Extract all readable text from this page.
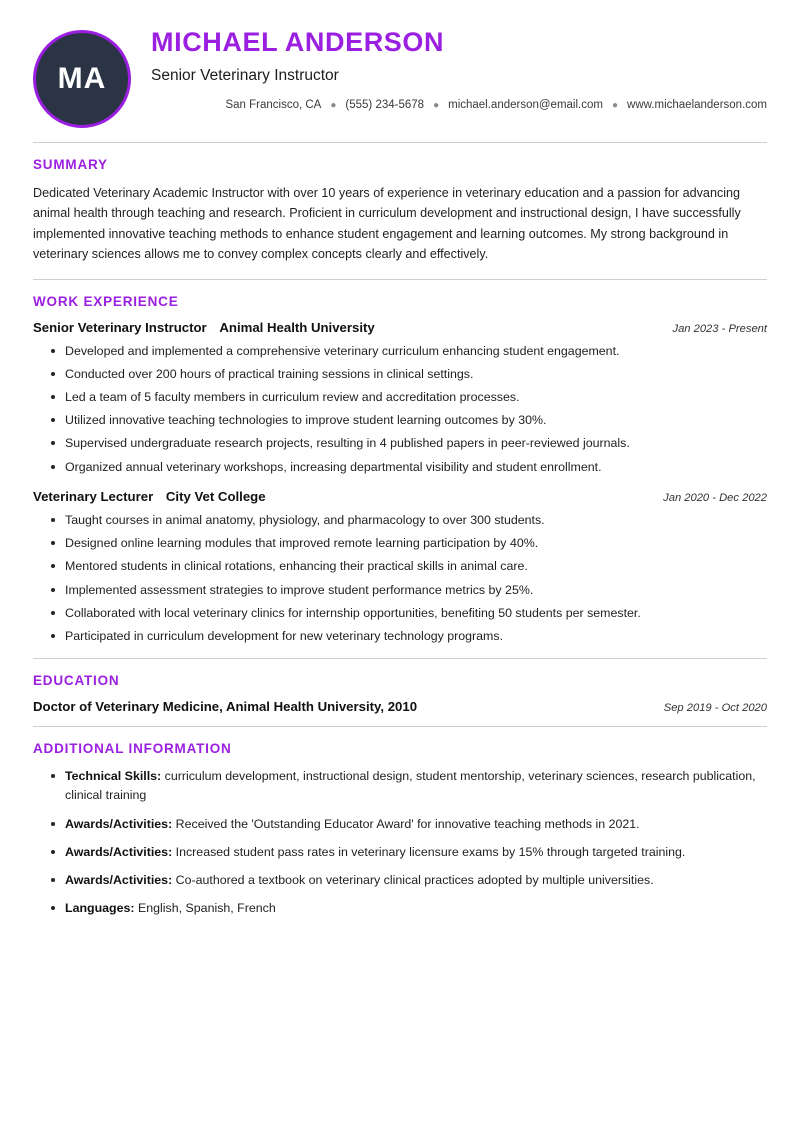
MA
MICHAEL ANDERSON
Senior Veterinary Instructor
San Francisco, CA ● (555) 234-5678 ● michael.anderson@email.com ● www.michaelanderson.com
SUMMARY

Dedicated Veterinary Academic Instructor with over 10 years of experience in veterinary education and a passion for advancing animal health through teaching and research. Proficient in curriculum development and instructional design, I have successfully implemented innovative teaching methods to enhance student engagement and learning outcomes. My strong background in veterinary sciences allows me to convey complex concepts clearly and effectively.

WORK EXPERIENCE
Senior Veterinary Instructor Animal Health University	Jan 2023 - Present
Developed and implemented a comprehensive veterinary curriculum enhancing student engagement.
Conducted over 200 hours of practical training sessions in clinical settings.
Led a team of 5 faculty members in curriculum review and accreditation processes.
Utilized innovative teaching technologies to improve student learning outcomes by 30%.
Supervised undergraduate research projects, resulting in 4 published papers in peer-reviewed journals.
Organized annual veterinary workshops, increasing departmental visibility and student enrollment.
Veterinary Lecturer City Vet College	Jan 2020 - Dec 2022
Taught courses in animal anatomy, physiology, and pharmacology to over 300 students.
Designed online learning modules that improved remote learning participation by 40%.
Mentored students in clinical rotations, enhancing their practical skills in animal care.
Implemented assessment strategies to improve student performance metrics by 25%.
Collaborated with local veterinary clinics for internship opportunities, benefiting 50 students per semester.
Participated in curriculum development for new veterinary technology programs.
EDUCATION
Doctor of Veterinary Medicine, Animal Health University, 2010	Sep 2019 - Oct 2020
ADDITIONAL INFORMATION
Technical Skills: curriculum development, instructional design, student mentorship, veterinary sciences, research publication, clinical training
Awards/Activities: Received the 'Outstanding Educator Award' for innovative teaching methods in 2021.
Awards/Activities: Increased student pass rates in veterinary licensure exams by 15% through targeted training.
Awards/Activities: Co-authored a textbook on veterinary clinical practices adopted by multiple universities.
Languages: English, Spanish, French
